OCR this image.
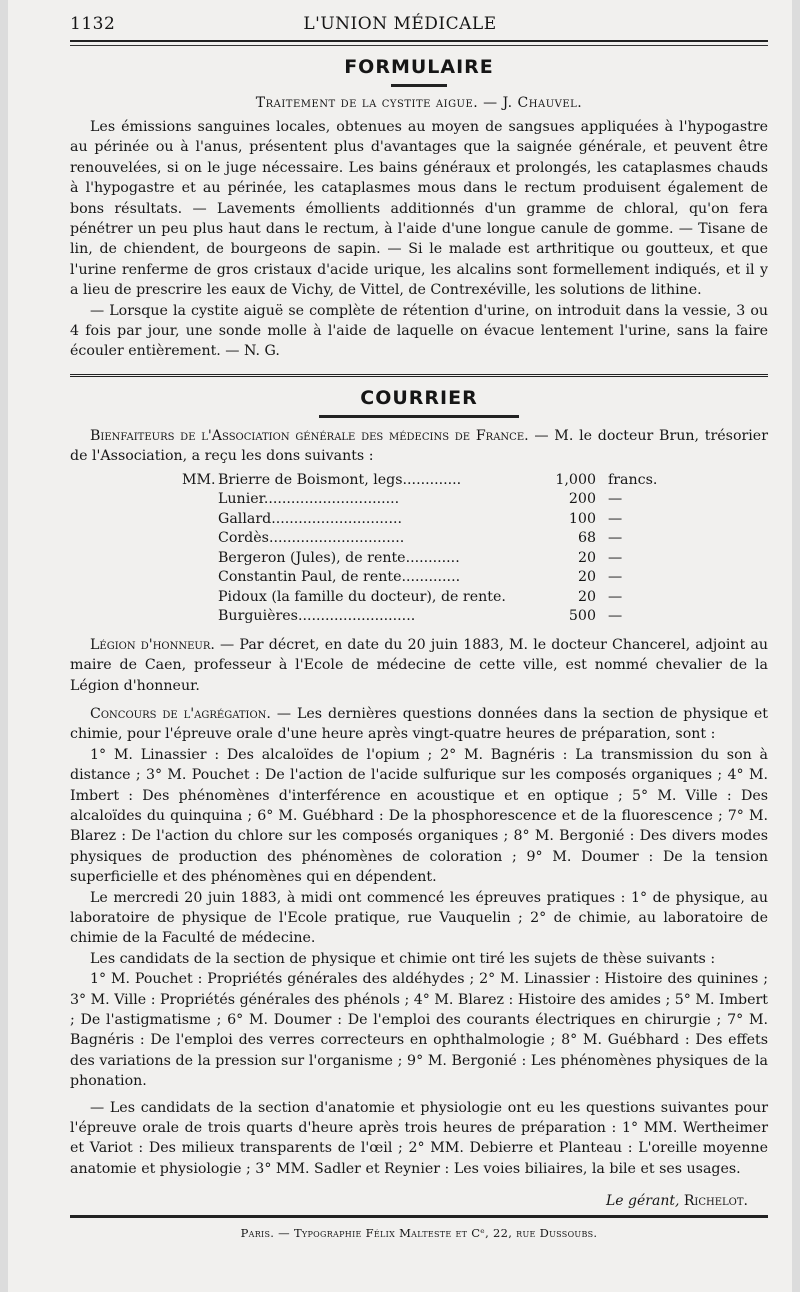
1132	L'UNION MÉDICALE
FORMULAIRE
Traitement de la cystite aigue. — J. Chauvel.

Les émissions sanguines locales, obtenues au moyen de sangsues appliquées à l'hypogastre au périnée ou à l'anus, présentent plus d'avantages que la saignée générale, et peuvent être renouvelées, si on le juge nécessaire. Les bains généraux et prolongés, les cataplasmes chauds à l'hypogastre et au périnée, les cataplasmes mous dans le rectum produisent également de bons résultats. — Lavements émollients additionnés d'un gramme de chloral, qu'on fera pénétrer un peu plus haut dans le rectum, à l'aide d'une longue canule de gomme. — Tisane de lin, de chiendent, de bourgeons de sapin. — Si le malade est arthritique ou goutteux, et que l'urine renferme de gros cristaux d'acide urique, les alcalins sont formellement indiqués, et il y a lieu de prescrire les eaux de Vichy, de Vittel, de Contrexéville, les solutions de lithine.

— Lorsque la cystite aiguë se complète de rétention d'urine, on introduit dans la vessie, 3 ou 4 fois par jour, une sonde molle à l'aide de laquelle on évacue lentement l'urine, sans la faire écouler entièrement. — N. G.

COURRIER

Bienfaiteurs de l'Association générale des médecins de France. — M. le docteur Brun, trésorier de l'Association, a reçu les dons suivants :

MM.	Brierre de Boismont, legs.............	1,000	francs.
	Lunier..............................	200	—
	Gallard.............................	100	—
	Cordès..............................	68	—
	Bergeron (Jules), de rente............	20	—
	Constantin Paul, de rente.............	20	—
	Pidoux (la famille du docteur), de rente.	20	—
	Burguières..........................	500	—

Légion d'honneur. — Par décret, en date du 20 juin 1883, M. le docteur Chancerel, adjoint au maire de Caen, professeur à l'Ecole de médecine de cette ville, est nommé chevalier de la Légion d'honneur.

Concours de l'agrégation. — Les dernières questions données dans la section de physique et chimie, pour l'épreuve orale d'une heure après vingt-quatre heures de préparation, sont :

1° M. Linassier : Des alcaloïdes de l'opium ; 2° M. Bagnéris : La transmission du son à distance ; 3° M. Pouchet : De l'action de l'acide sulfurique sur les composés organiques ; 4° M. Imbert : Des phénomènes d'interférence en acoustique et en optique ; 5° M. Ville : Des alcaloïdes du quinquina ; 6° M. Guébhard : De la phosphorescence et de la fluorescence ; 7° M. Blarez : De l'action du chlore sur les composés organiques ; 8° M. Bergonié : Des divers modes physiques de production des phénomènes de coloration ; 9° M. Doumer : De la tension superficielle et des phénomènes qui en dépendent.

Le mercredi 20 juin 1883, à midi ont commencé les épreuves pratiques : 1° de physique, au laboratoire de physique de l'Ecole pratique, rue Vauquelin ; 2° de chimie, au laboratoire de chimie de la Faculté de médecine.

Les candidats de la section de physique et chimie ont tiré les sujets de thèse suivants :

1° M. Pouchet : Propriétés générales des aldéhydes ; 2° M. Linassier : Histoire des quinines ; 3° M. Ville : Propriétés générales des phénols ; 4° M. Blarez : Histoire des amides ; 5° M. Imbert ; De l'astigmatisme ; 6° M. Doumer : De l'emploi des courants électriques en chirurgie ; 7° M. Bagnéris : De l'emploi des verres correcteurs en ophthalmologie ; 8° M. Guébhard : Des effets des variations de la pression sur l'organisme ; 9° M. Bergonié : Les phénomènes physiques de la phonation.

— Les candidats de la section d'anatomie et physiologie ont eu les questions suivantes pour l'épreuve orale de trois quarts d'heure après trois heures de préparation : 1° MM. Wertheimer et Variot : Des milieux transparents de l'œil ; 2° MM. Debierre et Planteau : L'oreille moyenne anatomie et physiologie ; 3° MM. Sadler et Reynier : Les voies biliaires, la bile et ses usages.

Le gérant, Richelot.
Paris. — Typographie Félix Malteste et Cᵉ, 22, rue Dussoubs.
